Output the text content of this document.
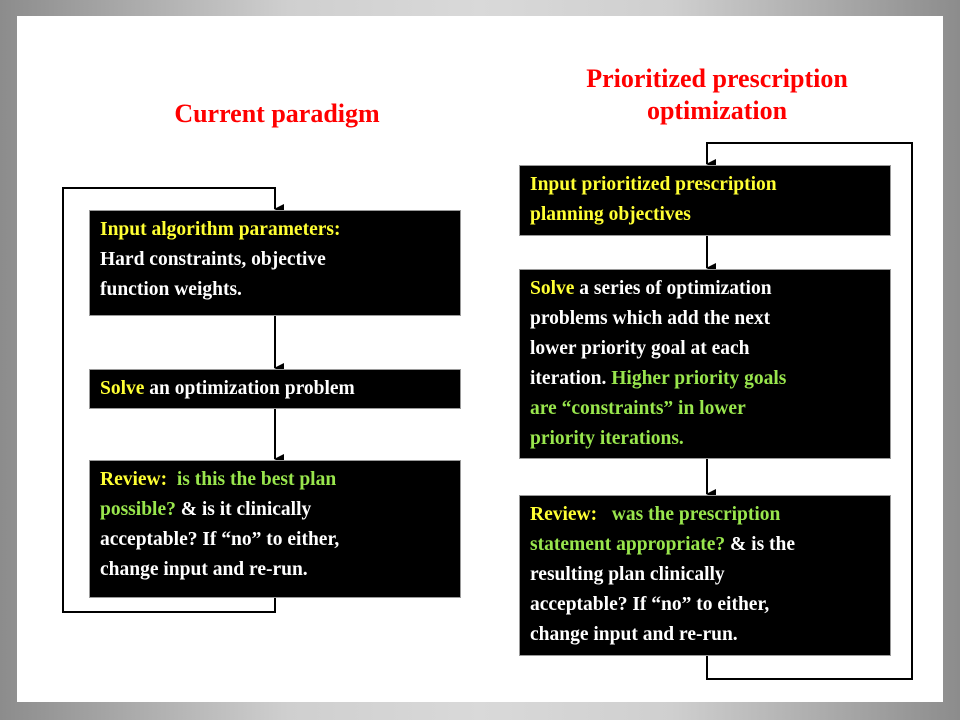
Current paradigm
Prioritized prescription
optimization
Input algorithm parameters:
Hard constraints, objective
function weights.
Solve an optimization problem
Review: is this the best plan
possible? & is it clinically
acceptable? If “no” to either,
change input and re-run.
Input prioritized prescription
planning objectives
Solve a series of optimization
problems which add the next
lower priority goal at each
iteration. Higher priority goals
are “constraints” in lower
priority iterations.
Review: was the prescription
statement appropriate? & is the
resulting plan clinically
acceptable? If “no” to either,
change input and re-run.
